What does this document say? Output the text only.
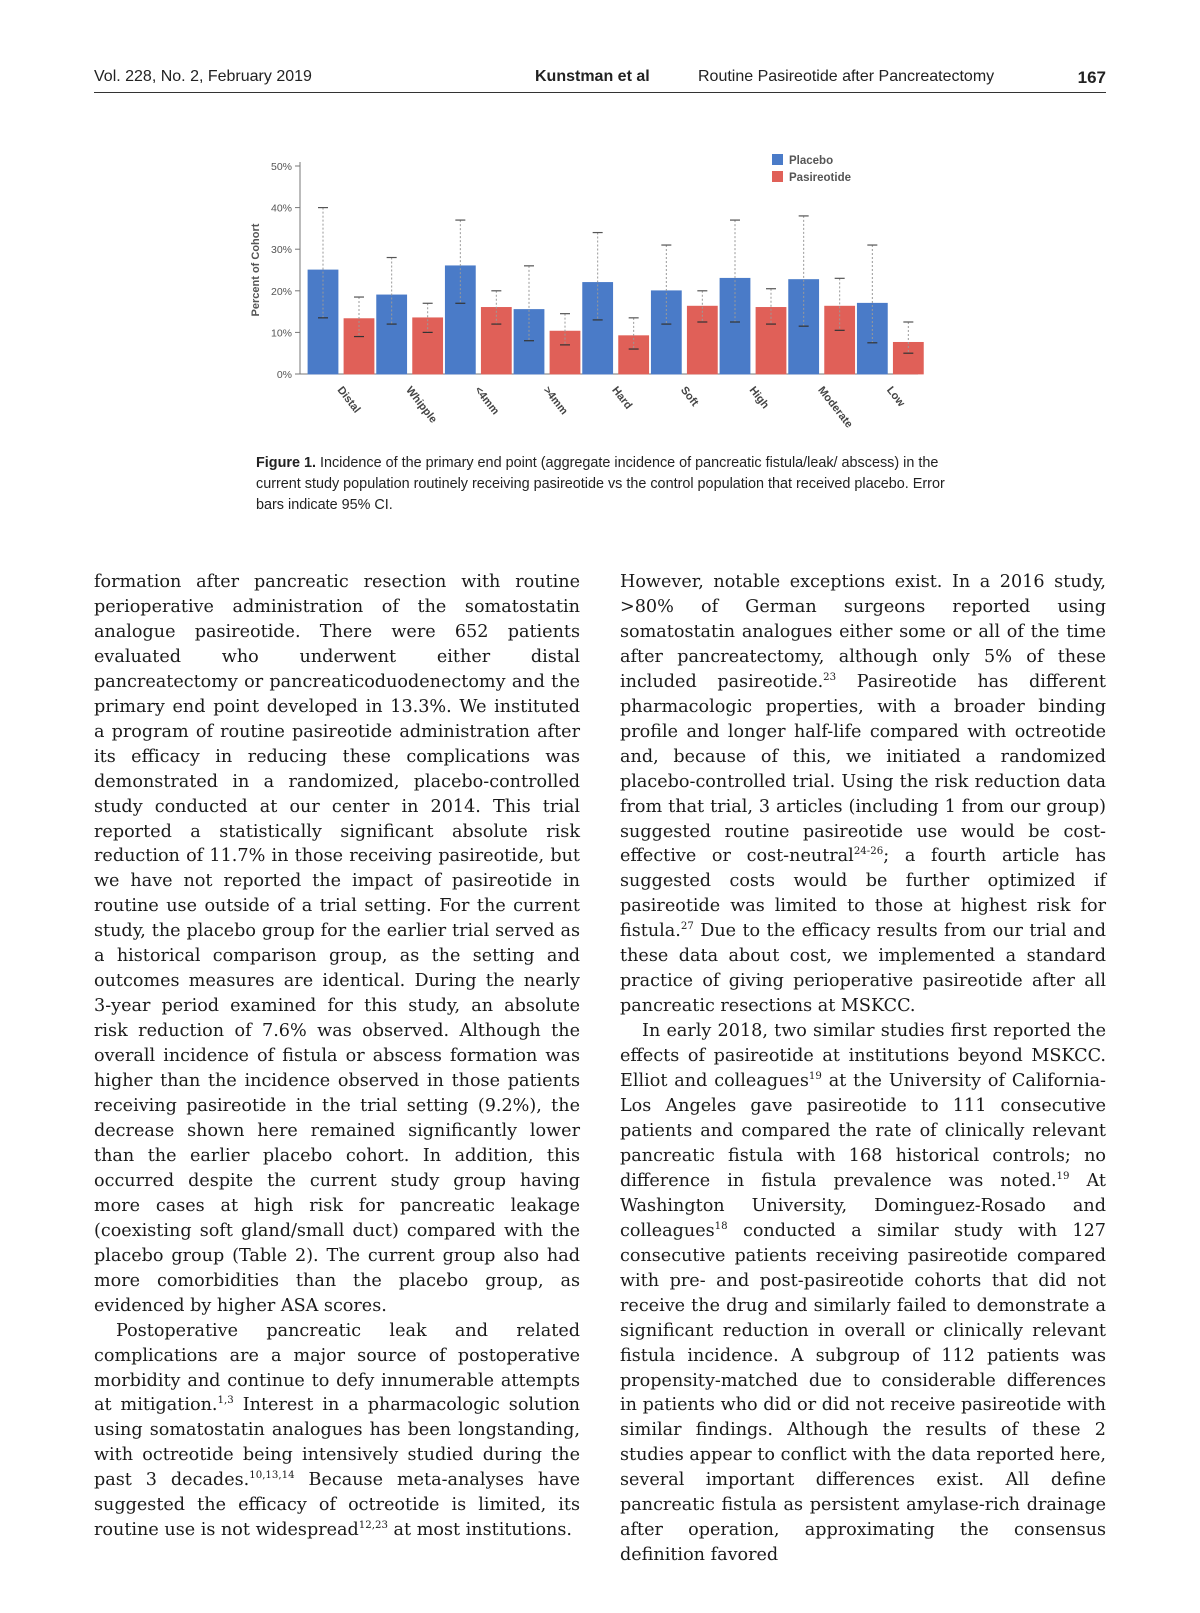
Vol. 228, No. 2, February 2019	Kunstman et al	Routine Pasireotide after Pancreatectomy	167
0%
10%
20%
30%
40%
50%
Percent of Cohort
Distal	Whipple	<4mm	>4mm	Hard	Soft	High	Moderate	Low
Placebo
Pasireotide
Figure 1. Incidence of the primary end point (aggregate incidence of pancreatic fistula/leak/ abscess) in the current study population routinely receiving pasireotide vs the control population that received placebo. Error bars indicate 95% CI.

formation after pancreatic resection with routine perioperative administration of the somatostatin analogue pasireotide. There were 652 patients evaluated who underwent either distal pancreatectomy or pancreaticoduodenectomy and the primary end point developed in 13.3%. We instituted a program of routine pasireotide administration after its efficacy in reducing these complications was demonstrated in a randomized, placebo-controlled study conducted at our center in 2014. This trial reported a statistically significant absolute risk reduction of 11.7% in those receiving pasireotide, but we have not reported the impact of pasireotide in routine use outside of a trial setting. For the current study, the placebo group for the earlier trial served as a historical comparison group, as the setting and outcomes measures are identical. During the nearly 3-year period examined for this study, an absolute risk reduction of 7.6% was observed. Although the overall incidence of fistula or abscess formation was higher than the incidence observed in those patients receiving pasireotide in the trial setting (9.2%), the decrease shown here remained significantly lower than the earlier placebo cohort. In addition, this occurred despite the current study group having more cases at high risk for pancreatic leakage (coexisting soft gland/small duct) compared with the placebo group (Table 2). The current group also had more comorbidities than the placebo group, as evidenced by higher ASA scores.

Postoperative pancreatic leak and related complications are a major source of postoperative morbidity and continue to defy innumerable attempts at mitigation.$^{1,3}$ Interest in a pharmacologic solution using somatostatin analogues has been longstanding, with octreotide being intensively studied during the past 3 decades.$^{10,13,14}$ Because meta-analyses have suggested the efficacy of octreotide is limited, its routine use is not widespread$^{12,23}$ at most institutions.

However, notable exceptions exist. In a 2016 study, >80% of German surgeons reported using somatostatin analogues either some or all of the time after pancreatectomy, although only 5% of these included pasireotide.$^{23}$ Pasireotide has different pharmacologic properties, with a broader binding profile and longer half-life compared with octreotide and, because of this, we initiated a randomized placebo-controlled trial. Using the risk reduction data from that trial, 3 articles (including 1 from our group) suggested routine pasireotide use would be cost-effective or cost-neutral$^{24-26}$; a fourth article has suggested costs would be further optimized if pasireotide was limited to those at highest risk for fistula.$^{27}$ Due to the efficacy results from our trial and these data about cost, we implemented a standard practice of giving perioperative pasireotide after all pancreatic resections at MSKCC.

In early 2018, two similar studies first reported the effects of pasireotide at institutions beyond MSKCC. Elliot and colleagues$^{19}$ at the University of California-Los Angeles gave pasireotide to 111 consecutive patients and compared the rate of clinically relevant pancreatic fistula with 168 historical controls; no difference in fistula prevalence was noted.$^{19}$ At Washington University, Dominguez-Rosado and colleagues$^{18}$ conducted a similar study with 127 consecutive patients receiving pasireotide compared with pre- and post-pasireotide cohorts that did not receive the drug and similarly failed to demonstrate a significant reduction in overall or clinically relevant fistula incidence. A subgroup of 112 patients was propensity-matched due to considerable differences in patients who did or did not receive pasireotide with similar findings. Although the results of these 2 studies appear to conflict with the data reported here, several important differences exist. All define pancreatic fistula as persistent amylase-rich drainage after operation, approximating the consensus definition favored
